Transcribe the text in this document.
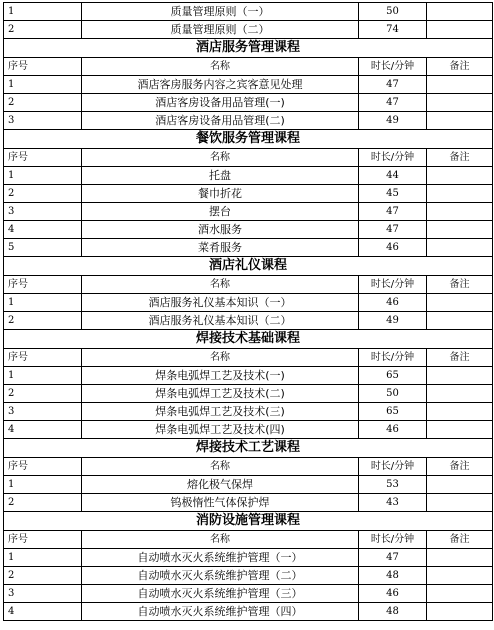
1	质量管理原则（一）	50	
2	质量管理原则（二）	74	
酒店服务管理课程			
序号	名称	时长/分钟	备注
1	酒店客房服务内容之宾客意见处理	47	
2	酒店客房设备用品管理(一)	47	
3	酒店客房设备用品管理(二)	49	
餐饮服务管理课程			
序号	名称	时长/分钟	备注
1	托盘	44	
2	餐巾折花	45	
3	摆台	47	
4	酒水服务	47	
5	菜肴服务	46	
酒店礼仪课程			
序号	名称	时长/分钟	备注
1	酒店服务礼仪基本知识（一）	46	
2	酒店服务礼仪基本知识（二）	49	
焊接技术基础课程			
序号	名称	时长/分钟	备注
1	焊条电弧焊工艺及技术(一)	65	
2	焊条电弧焊工艺及技术(二)	50	
3	焊条电弧焊工艺及技术(三)	65	
4	焊条电弧焊工艺及技术(四)	46	
焊接技术工艺课程			
序号	名称	时长/分钟	备注
1	熔化极气保焊	53	
2	钨极惰性气体保护焊	43	
消防设施管理课程			
序号	名称	时长/分钟	备注
1	自动喷水灭火系统维护管理（一）	47	
2	自动喷水灭火系统维护管理（二）	48	
3	自动喷水灭火系统维护管理（三）	46	
4	自动喷水灭火系统维护管理（四）	48	
